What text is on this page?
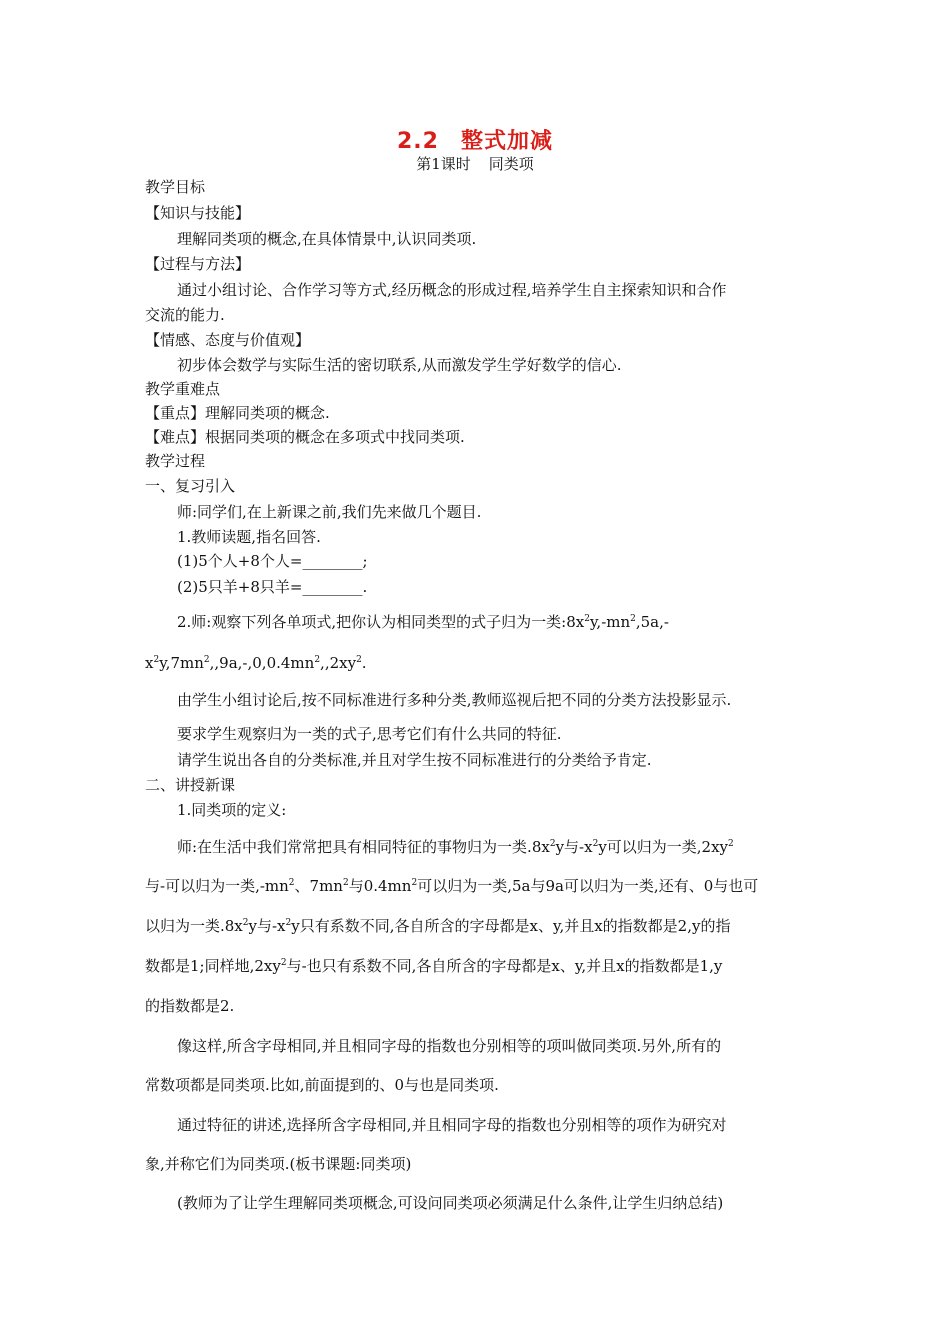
2.2 整式加减
第1课时 同类项
教学目标
【知识与技能】
理解同类项的概念,在具体情景中,认识同类项.
【过程与方法】
通过小组讨论、合作学习等方式,经历概念的形成过程,培养学生自主探索知识和合作
交流的能力.
【情感、态度与价值观】
初步体会数学与实际生活的密切联系,从而激发学生学好数学的信心.
教学重难点
【重点】理解同类项的概念.
【难点】根据同类项的概念在多项式中找同类项.
教学过程
一、复习引入
师:同学们,在上新课之前,我们先来做几个题目.
1.教师读题,指名回答.
(1)5个人+8个人=________;
(2)5只羊+8只羊=________.
2.师:观察下列各单项式,把你认为相同类型的式子归为一类$:8x^2y,-mn^2,5a,-$
$x^2y,7mn^2,,9a,-,0,0.4mn^2,,2xy^2$.
由学生小组讨论后,按不同标准进行多种分类,教师巡视后把不同的分类方法投影显示.
要求学生观察归为一类的式子,思考它们有什么共同的特征.
请学生说出各自的分类标准,并且对学生按不同标准进行的分类给予肯定.
二、讲授新课
1.同类项的定义:
师:在生活中我们常常把具有相同特征的事物归为一类$.8x^2y$与$-x^2y$可以归为一类$,2xy^2$
与-可以归为一类$,-mn^2$、$7mn^2$与$0.4mn^2$可以归为一类,5a与9a可以归为一类,还有、0与也可
以归为一类$.8x^2y$与$-x^2y$只有系数不同,各自所含的字母都是x、y,并且x的指数都是2,y的指
数都是1;同样地$,2xy^2$与-也只有系数不同,各自所含的字母都是x、y,并且x的指数都是1,y
的指数都是2.
像这样,所含字母相同,并且相同字母的指数也分别相等的项叫做同类项.另外,所有的
常数项都是同类项.比如,前面提到的、0与也是同类项.
通过特征的讲述,选择所含字母相同,并且相同字母的指数也分别相等的项作为研究对
象,并称它们为同类项.(板书课题:同类项)
(教师为了让学生理解同类项概念,可设问同类项必须满足什么条件,让学生归纳总结)
